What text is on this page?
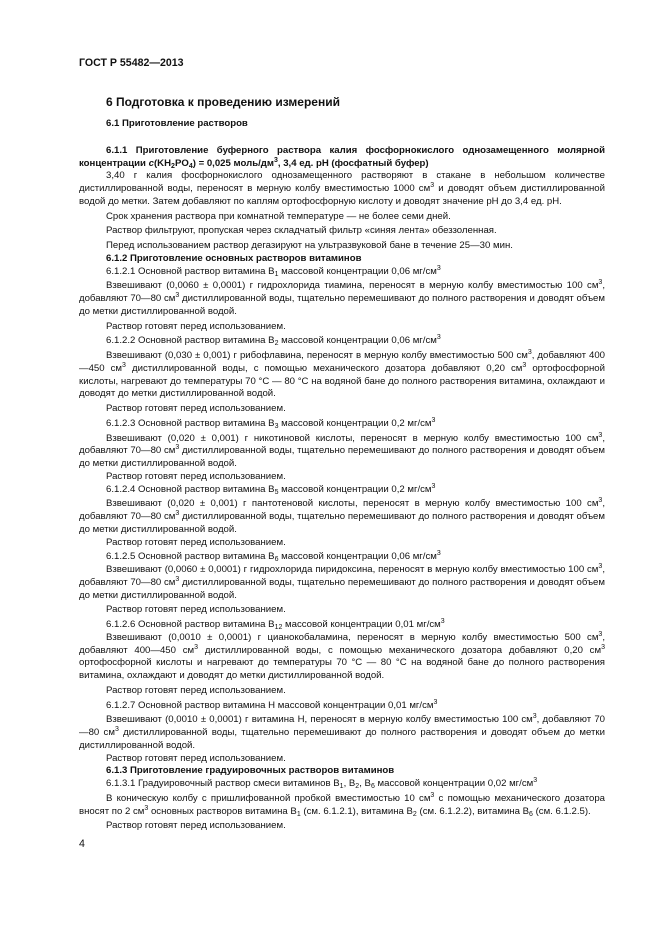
ГОСТ Р 55482—2013

6 Подготовка к проведению измерений

6.1 Приготовление растворов

6.1.1 Приготовление буферного раствора калия фосфорнокислого однозамещенного молярной концентрации $c(KH_2PO_4) = 0,025$ моль/$дм^3$, 3,4 ед. pH (фосфатный буфер)

3,40 г калия фосфорнокислого однозамещенного растворяют в стакане в небольшом количестве дистиллированной воды, переносят в мерную колбу вместимостью 1000 $см^3$ и доводят объем дистиллированной водой до метки. Затем добавляют по каплям ортофосфорную кислоту и доводят значение рН до 3,4 ед. рН.

Срок хранения раствора при комнатной температуре — не более семи дней.

Раствор фильтруют, пропуская через складчатый фильтр «синяя лента» обеззоленная.

Перед использованием раствор дегазируют на ультразвуковой бане в течение 25—30 мин.

6.1.2 Приготовление основных растворов витаминов

6.1.2.1 Основной раствор витамина $B_1$ массовой концентрации 0,06 $мг/см^3$

Взвешивают (0,0060 ± 0,0001) г гидрохлорида тиамина, переносят в мерную колбу вместимостью 100 $см^3$, добавляют 70—80 $см^3$ дистиллированной воды, тщательно перемешивают до полного растворения и доводят объем до метки дистиллированной водой.

Раствор готовят перед использованием.

6.1.2.2 Основной раствор витамина $B_2$ массовой концентрации 0,06 $мг/см^3$

Взвешивают (0,030 ± 0,001) г рибофлавина, переносят в мерную колбу вместимостью 500 $см^3$, добавляют 400—450 $см^3$ дистиллированной воды, с помощью механического дозатора добавляют 0,20 $см^3$ ортофосфорной кислоты, нагревают до температуры 70 °С — 80 °С на водяной бане до полного растворения витамина, охлаждают и доводят до метки дистиллированной водой.

Раствор готовят перед использованием.

6.1.2.3 Основной раствор витамина $B_3$ массовой концентрации 0,2 $мг/см^3$

Взвешивают (0,020 ± 0,001) г никотиновой кислоты, переносят в мерную колбу вместимостью 100 $см^3$, добавляют 70—80 $см^3$ дистиллированной воды, тщательно перемешивают до полного растворения и доводят объем до метки дистиллированной водой.

Раствор готовят перед использованием.

6.1.2.4 Основной раствор витамина $B_5$ массовой концентрации 0,2 $мг/см^3$

Взвешивают (0,020 ± 0,001) г пантотеновой кислоты, переносят в мерную колбу вместимостью 100 $см^3$, добавляют 70—80 $см^3$ дистиллированной воды, тщательно перемешивают до полного растворения и доводят объем до метки дистиллированной водой.

Раствор готовят перед использованием.

6.1.2.5 Основной раствор витамина $B_6$ массовой концентрации 0,06 $мг/см^3$

Взвешивают (0,0060 ± 0,0001) г гидрохлорида пиридоксина, переносят в мерную колбу вместимостью 100 $см^3$, добавляют 70—80 $см^3$ дистиллированной воды, тщательно перемешивают до полного растворения и доводят объем до метки дистиллированной водой.

Раствор готовят перед использованием.

6.1.2.6 Основной раствор витамина $B_{12}$ массовой концентрации 0,01 $мг/см^3$

Взвешивают (0,0010 ± 0,0001) г цианокобаламина, переносят в мерную колбу вместимостью 500 $см^3$, добавляют 400—450 $см^3$ дистиллированной воды, с помощью механического дозатора добавляют 0,20 $см^3$ ортофосфорной кислоты и нагревают до температуры 70 °С — 80 °С на водяной бане до полного растворения витамина, охлаждают и доводят до метки дистиллированной водой.

Раствор готовят перед использованием.

6.1.2.7 Основной раствор витамина Н массовой концентрации 0,01 $мг/см^3$

Взвешивают (0,0010 ± 0,0001) г витамина Н, переносят в мерную колбу вместимостью 100 $см^3$, добавляют 70—80 $см^3$ дистиллированной воды, тщательно перемешивают до полного растворения и доводят объем до метки дистиллированной водой.

Раствор готовят перед использованием.

6.1.3 Приготовление градуировочных растворов витаминов

6.1.3.1 Градуировочный раствор смеси витаминов $B_1$, $B_2$, $B_6$ массовой концентрации 0,02 $мг/см^3$

В коническую колбу с пришлифованной пробкой вместимостью 10 $см^3$ с помощью механического дозатора вносят по 2 $см^3$ основных растворов витамина $B_1$ (см. 6.1.2.1), витамина $B_2$ (см. 6.1.2.2), витамина $B_6$ (см. 6.1.2.5).

Раствор готовят перед использованием.

4
